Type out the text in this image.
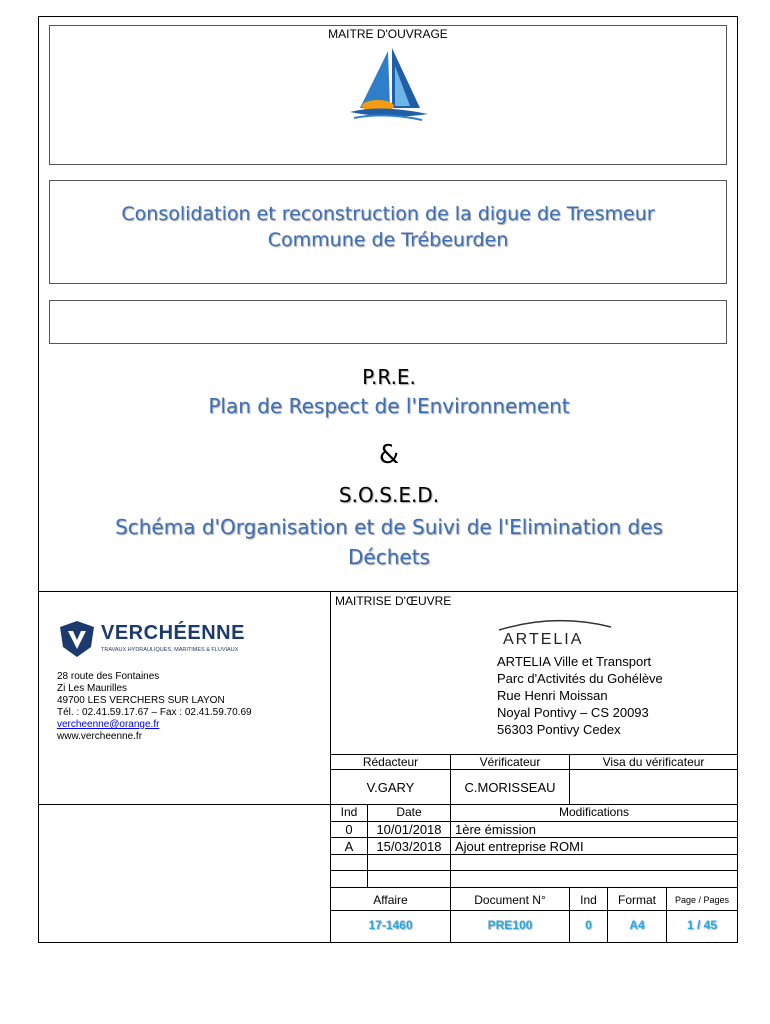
MAITRE D'OUVRAGE
Consolidation et reconstruction de la digue de Tresmeur
Commune de Trébeurden
P.R.E.
Plan de Respect de l'Environnement
&
S.O.S.E.D.
Schéma d'Organisation et de Suivi de l'Elimination des
Déchets
MAITRISE D'ŒUVRE
VERCHÉENNE
TRAVAUX HYDRAULIQUES, MARITIMES & FLUVIAUX
28 route des Fontaines
Zi Les Maurilles
49700 LES VERCHERS SUR LAYON
Tél. : 02.41.59.17.67 – Fax : 02.41.59.70.69
vercheenne@orange.fr
www.vercheenne.fr
ARTELIA
ARTELIA Ville et Transport
Parc d'Activités du Gohélève
Rue Henri Moissan
Noyal Pontivy – CS 20093
56303 Pontivy Cedex
Rédacteur	Vérificateur	Visa du vérificateur
V.GARY	C.MORISSEAU
Ind	Date	Modifications
0	10/01/2018	1ère émission
A	15/03/2018	Ajout entreprise ROMI
Affaire	Document N°	Ind	Format	Page / Pages
17-1460	PRE100	0	A4	1 / 45
